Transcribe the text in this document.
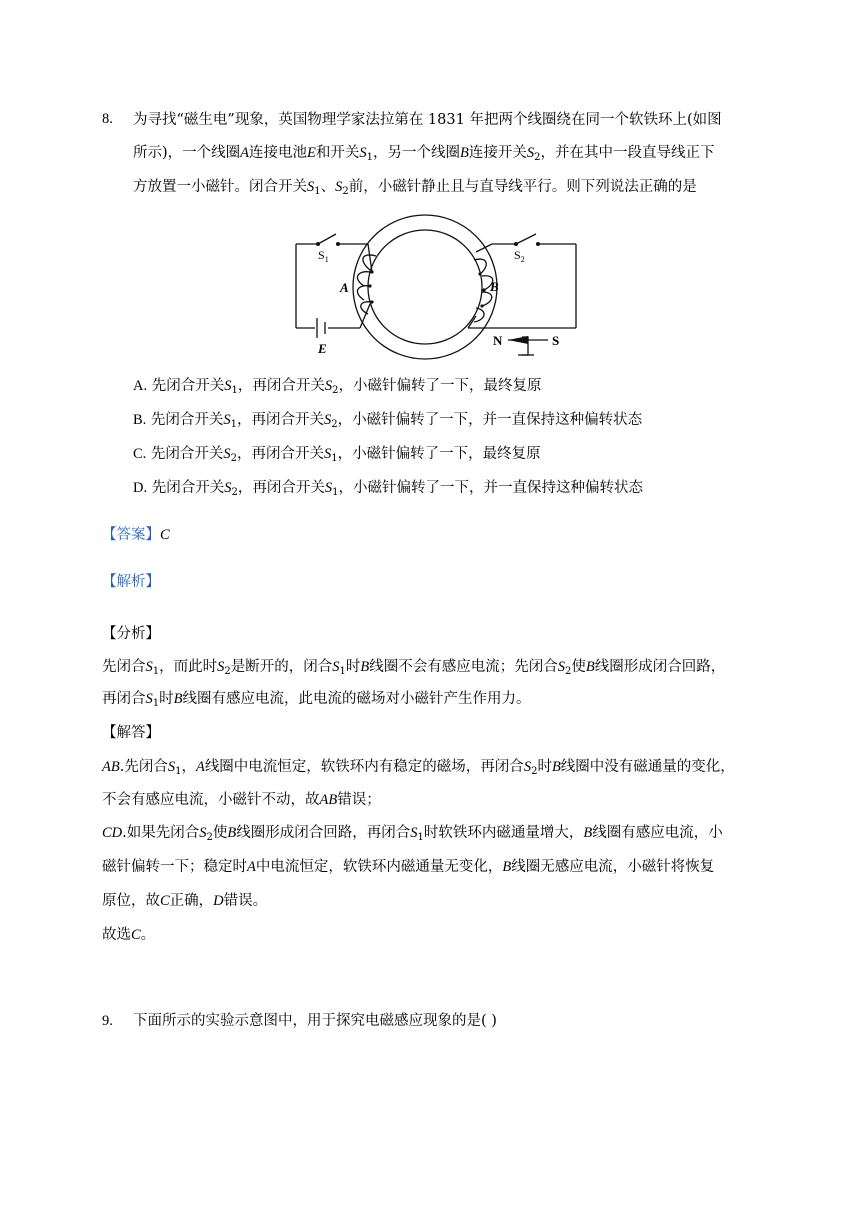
8. 为寻找“磁生电”现象，英国物理学家法拉第在 1831 年把两个线圈绕在同一个软铁环上(如图
所示)，一个线圈A连接电池E和开关$S_1$，另一个线圈B连接开关$S_2$，并在其中一段直导线正下
方放置一小磁针。闭合开关$S_1$、$S_2$前，小磁针静止且与直导线平行。则下列说法正确的是
$S_1$	$S_2$
A	B
E
N	S
A. 先闭合开关$S_1$，再闭合开关$S_2$，小磁针偏转了一下，最终复原
B. 先闭合开关$S_1$，再闭合开关$S_2$，小磁针偏转了一下，并一直保持这种偏转状态
C. 先闭合开关$S_2$，再闭合开关$S_1$，小磁针偏转了一下，最终复原
D. 先闭合开关$S_2$，再闭合开关$S_1$，小磁针偏转了一下，并一直保持这种偏转状态
【答案】C
【解析】
【分析】
先闭合$S_1$，而此时$S_2$是断开的，闭合$S_1$时B线圈不会有感应电流；先闭合$S_2$使B线圈形成闭合回路，
再闭合$S_1$时B线圈有感应电流，此电流的磁场对小磁针产生作用力。
【解答】
AB.先闭合$S_1$，A线圈中电流恒定，软铁环内有稳定的磁场，再闭合$S_2$时B线圈中没有磁通量的变化，
不会有感应电流，小磁针不动，故AB错误；
CD.如果先闭合$S_2$使B线圈形成闭合回路，再闭合$S_1$时软铁环内磁通量增大，B线圈有感应电流，小
磁针偏转一下；稳定时A中电流恒定，软铁环内磁通量无变化，B线圈无感应电流，小磁针将恢复
原位，故C正确，D错误。
故选C。
9. 下面所示的实验示意图中，用于探究电磁感应现象的是( )
